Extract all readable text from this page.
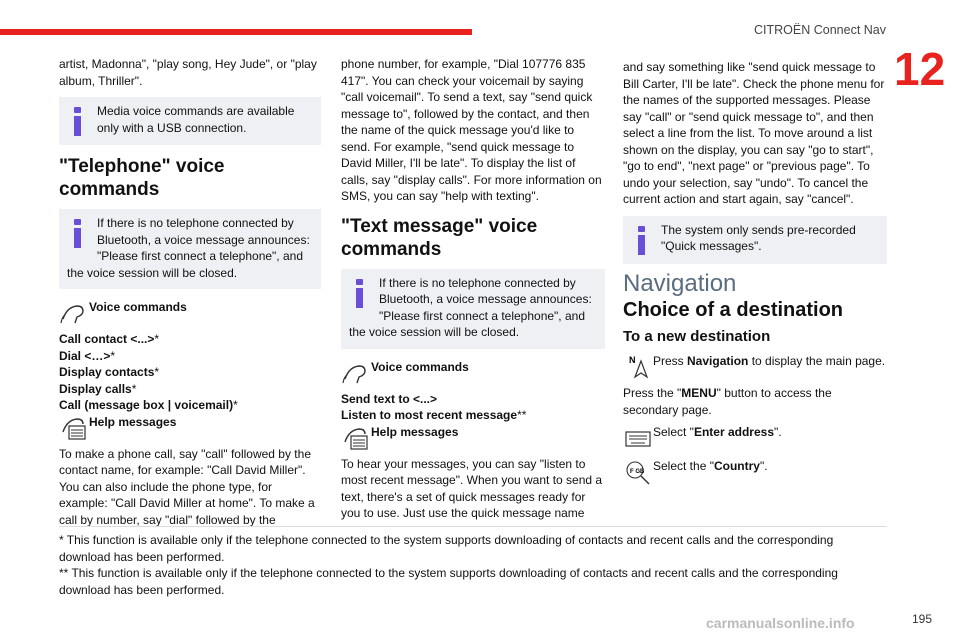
CITROËN Connect Nav
12

artist, Madonna", "play song, Hey Jude", or "play album, Thriller".

Media voice commands are available only with a USB connection.
"Telephone" voice commands
If there is no telephone connected by Bluetooth, a voice message announces: "Please first connect a telephone", and the voice session will be closed.
Voice commands
Call contact <...>*
Dial <…>*
Display contacts*
Display calls*
Call (message box | voicemail)*
Help messages

To make a phone call, say "call" followed by the contact name, for example: "Call David Miller". You can also include the phone type, for example: "Call David Miller at home". To make a call by number, say "dial" followed by the

phone number, for example, "Dial 107776 835 417". You can check your voicemail by saying "call voicemail". To send a text, say "send quick message to", followed by the contact, and then the name of the quick message you'd like to send. For example, "send quick message to David Miller, I'll be late". To display the list of calls, say "display calls". For more information on SMS, you can say "help with texting".

"Text message" voice commands
If there is no telephone connected by Bluetooth, a voice message announces: "Please first connect a telephone", and the voice session will be closed.
Voice commands
Send text to <...>
Listen to most recent message**
Help messages

To hear your messages, you can say "listen to most recent message". When you want to send a text, there's a set of quick messages ready for you to use. Just use the quick message name

and say something like "send quick message to Bill Carter, I'll be late". Check the phone menu for the names of the supported messages. Please say "call" or "send quick message to", and then select a line from the list. To move around a list shown on the display, you can say "go to start", "go to end", "next page" or "previous page". To undo your selection, say "undo". To cancel the current action and start again, say "cancel".

The system only sends pre-recorded "Quick messages".
Navigation
Choice of a destination
To a new destination
N Press Navigation to display the main page.

Press the "MENU" button to access the secondary page.

Select "Enter address".
F GB Select the "Country".

* This function is available only if the telephone connected to the system supports downloading of contacts and recent calls and the corresponding download has been performed.

** This function is available only if the telephone connected to the system supports downloading of contacts and recent calls and the corresponding download has been performed.

carmanualsonline.info	195
